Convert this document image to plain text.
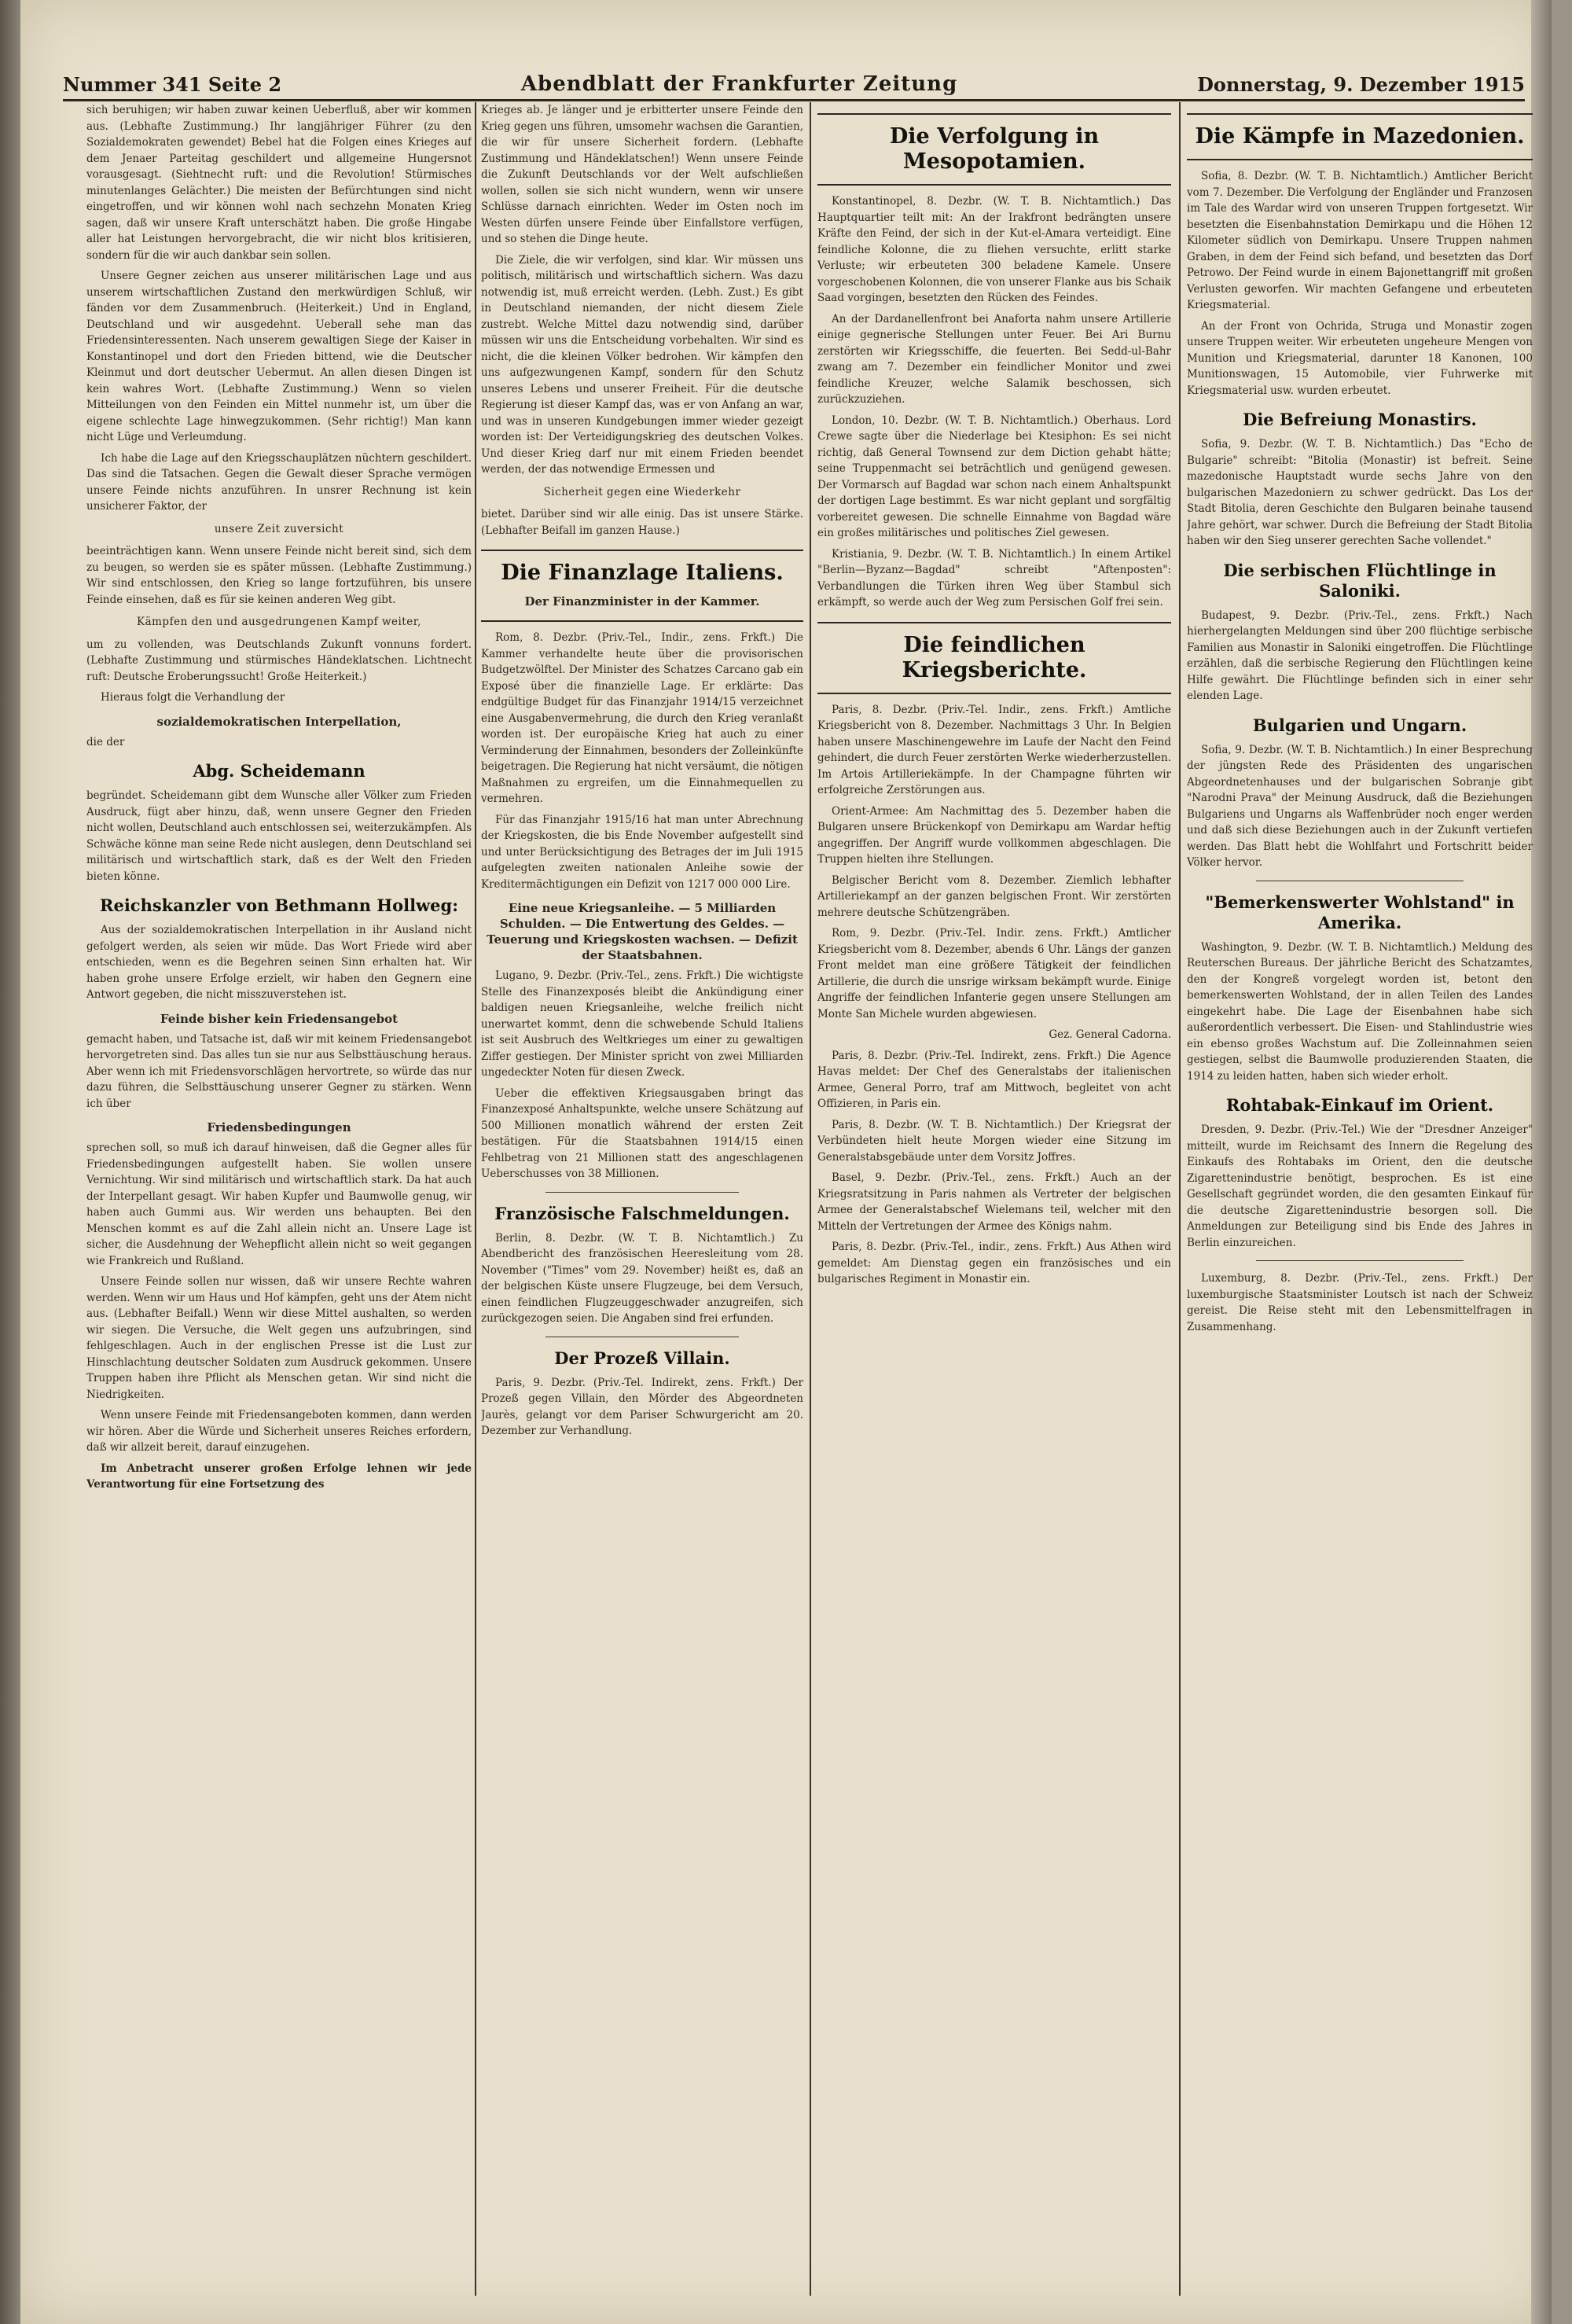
Nummer 341 Seite 2	Abendblatt der Frankfurter Zeitung	Donnerstag, 9. Dezember 1915

sich beruhigen; wir haben zuwar keinen Ueberfluß, aber wir kommen aus. (Lebhafte Zustimmung.) Ihr langjähriger Führer (zu den Sozialdemokraten gewendet) Bebel hat die Folgen eines Krieges auf dem Jenaer Parteitag geschildert und allgemeine Hungersnot vorausgesagt. (Siehtnecht ruft: und die Revolution! Stürmisches minutenlanges Gelächter.) Die meisten der Befürchtungen sind nicht eingetroffen, und wir können wohl nach sechzehn Monaten Krieg sagen, daß wir unsere Kraft unterschätzt haben. Die große Hingabe aller hat Leistungen hervorgebracht, die wir nicht blos kritisieren, sondern für die wir auch dankbar sein sollen.

Unsere Gegner zeichen aus unserer militärischen Lage und aus unserem wirtschaftlichen Zustand den merkwürdigen Schluß, wir fänden vor dem Zusammenbruch. (Heiterkeit.) Und in England, Deutschland und wir ausgedehnt. Ueberall sehe man das Friedensinteressenten. Nach unserem gewaltigen Siege der Kaiser in Konstantinopel und dort den Frieden bittend, wie die Deutscher Kleinmut und dort deutscher Uebermut. An allen diesen Dingen ist kein wahres Wort. (Lebhafte Zustimmung.) Wenn so vielen Mitteilungen von den Feinden ein Mittel nunmehr ist, um über die eigene schlechte Lage hinwegzukommen. (Sehr richtig!) Man kann nicht Lüge und Verleumdung.

Ich habe die Lage auf den Kriegsschauplätzen nüchtern geschildert. Das sind die Tatsachen. Gegen die Gewalt dieser Sprache vermögen unsere Feinde nichts anzuführen. In unsrer Rechnung ist kein unsicherer Faktor, der

unsere Zeit zuversicht

beeinträchtigen kann. Wenn unsere Feinde nicht bereit sind, sich dem zu beugen, so werden sie es später müssen. (Lebhafte Zustimmung.) Wir sind entschlossen, den Krieg so lange fortzuführen, bis unsere Feinde einsehen, daß es für sie keinen anderen Weg gibt.

Kämpfen den und ausgedrungenen Kampf weiter,

um zu vollenden, was Deutschlands Zukunft vonnuns fordert. (Lebhafte Zustimmung und stürmisches Händeklatschen. Lichtnecht ruft: Deutsche Eroberungssucht! Große Heiterkeit.)

Hieraus folgt die Verhandlung der

sozialdemokratischen Interpellation,

die der

Abg. Scheidemann

begründet. Scheidemann gibt dem Wunsche aller Völker zum Frieden Ausdruck, fügt aber hinzu, daß, wenn unsere Gegner den Frieden nicht wollen, Deutschland auch entschlossen sei, weiterzukämpfen. Als Schwäche könne man seine Rede nicht auslegen, denn Deutschland sei militärisch und wirtschaftlich stark, daß es der Welt den Frieden bieten könne.

Reichskanzler von Bethmann Hollweg:

Aus der sozialdemokratischen Interpellation in ihr Ausland nicht gefolgert werden, als seien wir müde. Das Wort Friede wird aber entschieden, wenn es die Begehren seinen Sinn erhalten hat. Wir haben grohe unsere Erfolge erzielt, wir haben den Gegnern eine Antwort gegeben, die nicht misszuverstehen ist.

Feinde bisher kein Friedensangebot

gemacht haben, und Tatsache ist, daß wir mit keinem Friedensangebot hervorgetreten sind. Das alles tun sie nur aus Selbsttäuschung heraus. Aber wenn ich mit Friedensvorschlägen hervortrete, so würde das nur dazu führen, die Selbsttäuschung unserer Gegner zu stärken. Wenn ich über

Friedensbedingungen

sprechen soll, so muß ich darauf hinweisen, daß die Gegner alles für Friedensbedingungen aufgestellt haben. Sie wollen unsere Vernichtung. Wir sind militärisch und wirtschaftlich stark. Da hat auch der Interpellant gesagt. Wir haben Kupfer und Baumwolle genug, wir haben auch Gummi aus. Wir werden uns behaupten. Bei den Menschen kommt es auf die Zahl allein nicht an. Unsere Lage ist sicher, die Ausdehnung der Wehepflicht allein nicht so weit gegangen wie Frankreich und Rußland.

Unsere Feinde sollen nur wissen, daß wir unsere Rechte wahren werden. Wenn wir um Haus und Hof kämpfen, geht uns der Atem nicht aus. (Lebhafter Beifall.) Wenn wir diese Mittel aushalten, so werden wir siegen. Die Versuche, die Welt gegen uns aufzubringen, sind fehlgeschlagen. Auch in der englischen Presse ist die Lust zur Hinschlachtung deutscher Soldaten zum Ausdruck gekommen. Unsere Truppen haben ihre Pflicht als Menschen getan. Wir sind nicht die Niedrigkeiten.

Wenn unsere Feinde mit Friedensangeboten kommen, dann werden wir hören. Aber die Würde und Sicherheit unseres Reiches erfordern, daß wir allzeit bereit, darauf einzugehen.

Im Anbetracht unserer großen Erfolge lehnen wir jede Verantwortung für eine Fortsetzung des

Krieges ab. Je länger und je erbitterter unsere Feinde den Krieg gegen uns führen, umsomehr wachsen die Garantien, die wir für unsere Sicherheit fordern. (Lebhafte Zustimmung und Händeklatschen!) Wenn unsere Feinde die Zukunft Deutschlands vor der Welt aufschließen wollen, sollen sie sich nicht wundern, wenn wir unsere Schlüsse darnach einrichten. Weder im Osten noch im Westen dürfen unsere Feinde über Einfallstore verfügen, und so stehen die Dinge heute.

Die Ziele, die wir verfolgen, sind klar. Wir müssen uns politisch, militärisch und wirtschaftlich sichern. Was dazu notwendig ist, muß erreicht werden. (Lebh. Zust.) Es gibt in Deutschland niemanden, der nicht diesem Ziele zustrebt. Welche Mittel dazu notwendig sind, darüber müssen wir uns die Entscheidung vorbehalten. Wir sind es nicht, die die kleinen Völker bedrohen. Wir kämpfen den uns aufgezwungenen Kampf, sondern für den Schutz unseres Lebens und unserer Freiheit. Für die deutsche Regierung ist dieser Kampf das, was er von Anfang an war, und was in unseren Kundgebungen immer wieder gezeigt worden ist: Der Verteidigungskrieg des deutschen Volkes. Und dieser Krieg darf nur mit einem Frieden beendet werden, der das notwendige Ermessen und

Sicherheit gegen eine Wiederkehr

bietet. Darüber sind wir alle einig. Das ist unsere Stärke. (Lebhafter Beifall im ganzen Hause.)

Die Finanzlage Italiens.
Der Finanzminister in der Kammer.

Rom, 8. Dezbr. (Priv.-Tel., Indir., zens. Frkft.) Die Kammer verhandelte heute über die provisorischen Budgetzwölftel. Der Minister des Schatzes Carcano gab ein Exposé über die finanzielle Lage. Er erklärte: Das endgültige Budget für das Finanzjahr 1914/15 verzeichnet eine Ausgabenvermehrung, die durch den Krieg veranlaßt worden ist. Der europäische Krieg hat auch zu einer Verminderung der Einnahmen, besonders der Zolleinkünfte beigetragen. Die Regierung hat nicht versäumt, die nötigen Maßnahmen zu ergreifen, um die Einnahmequellen zu vermehren.

Für das Finanzjahr 1915/16 hat man unter Abrechnung der Kriegskosten, die bis Ende November aufgestellt sind und unter Berücksichtigung des Betrages der im Juli 1915 aufgelegten zweiten nationalen Anleihe sowie der Kreditermächtigungen ein Defizit von 1217 000 000 Lire.

Eine neue Kriegsanleihe. — 5 Milliarden Schulden. — Die Entwertung des Geldes. — Teuerung und Kriegskosten wachsen. — Defizit der Staatsbahnen.

Lugano, 9. Dezbr. (Priv.-Tel., zens. Frkft.) Die wichtigste Stelle des Finanzexposés bleibt die Ankündigung einer baldigen neuen Kriegsanleihe, welche freilich nicht unerwartet kommt, denn die schwebende Schuld Italiens ist seit Ausbruch des Weltkrieges um einer zu gewaltigen Ziffer gestiegen. Der Minister spricht von zwei Milliarden ungedeckter Noten für diesen Zweck.

Ueber die effektiven Kriegsausgaben bringt das Finanzexposé Anhaltspunkte, welche unsere Schätzung auf 500 Millionen monatlich während der ersten Zeit bestätigen. Für die Staatsbahnen 1914/15 einen Fehlbetrag von 21 Millionen statt des angeschlagenen Ueberschusses von 38 Millionen.

Französische Falschmeldungen.

Berlin, 8. Dezbr. (W. T. B. Nichtamtlich.) Zu Abendbericht des französischen Heeresleitung vom 28. November ("Times" vom 29. November) heißt es, daß an der belgischen Küste unsere Flugzeuge, bei dem Versuch, einen feindlichen Flugzeuggeschwader anzugreifen, sich zurückgezogen seien. Die Angaben sind frei erfunden.

Der Prozeß Villain.

Paris, 9. Dezbr. (Priv.-Tel. Indirekt, zens. Frkft.) Der Prozeß gegen Villain, den Mörder des Abgeordneten Jaurès, gelangt vor dem Pariser Schwurgericht am 20. Dezember zur Verhandlung.

Die Verfolgung in Mesopotamien.

Konstantinopel, 8. Dezbr. (W. T. B. Nichtamtlich.) Das Hauptquartier teilt mit: An der Irakfront bedrängten unsere Kräfte den Feind, der sich in der Kut-el-Amara verteidigt. Eine feindliche Kolonne, die zu fliehen versuchte, erlitt starke Verluste; wir erbeuteten 300 beladene Kamele. Unsere vorgeschobenen Kolonnen, die von unserer Flanke aus bis Schaik Saad vorgingen, besetzten den Rücken des Feindes.

An der Dardanellenfront bei Anaforta nahm unsere Artillerie einige gegnerische Stellungen unter Feuer. Bei Ari Burnu zerstörten wir Kriegsschiffe, die feuerten. Bei Sedd-ul-Bahr zwang am 7. Dezember ein feindlicher Monitor und zwei feindliche Kreuzer, welche Salamik beschossen, sich zurückzuziehen.

London, 10. Dezbr. (W. T. B. Nichtamtlich.) Oberhaus. Lord Crewe sagte über die Niederlage bei Ktesiphon: Es sei nicht richtig, daß General Townsend zur dem Diction gehabt hätte; seine Truppenmacht sei beträchtlich und genügend gewesen. Der Vormarsch auf Bagdad war schon nach einem Anhaltspunkt der dortigen Lage bestimmt. Es war nicht geplant und sorgfältig vorbereitet gewesen. Die schnelle Einnahme von Bagdad wäre ein großes militärisches und politisches Ziel gewesen.

Kristiania, 9. Dezbr. (W. T. B. Nichtamtlich.) In einem Artikel "Berlin—Byzanz—Bagdad" schreibt "Aftenposten": Verbandlungen die Türken ihren Weg über Stambul sich erkämpft, so werde auch der Weg zum Persischen Golf frei sein.

Die feindlichen Kriegsberichte.

Paris, 8. Dezbr. (Priv.-Tel. Indir., zens. Frkft.) Amtliche Kriegsbericht von 8. Dezember. Nachmittags 3 Uhr. In Belgien haben unsere Maschinengewehre im Laufe der Nacht den Feind gehindert, die durch Feuer zerstörten Werke wiederherzustellen. Im Artois Artilleriekämpfe. In der Champagne führten wir erfolgreiche Zerstörungen aus.

Orient-Armee: Am Nachmittag des 5. Dezember haben die Bulgaren unsere Brückenkopf von Demirkapu am Wardar heftig angegriffen. Der Angriff wurde vollkommen abgeschlagen. Die Truppen hielten ihre Stellungen.

Belgischer Bericht vom 8. Dezember. Ziemlich lebhafter Artilleriekampf an der ganzen belgischen Front. Wir zerstörten mehrere deutsche Schützengräben.

Rom, 9. Dezbr. (Priv.-Tel. Indir. zens. Frkft.) Amtlicher Kriegsbericht vom 8. Dezember, abends 6 Uhr. Längs der ganzen Front meldet man eine größere Tätigkeit der feindlichen Artillerie, die durch die unsrige wirksam bekämpft wurde. Einige Angriffe der feindlichen Infanterie gegen unsere Stellungen am Monte San Michele wurden abgewiesen.

Gez. General Cadorna.

Paris, 8. Dezbr. (Priv.-Tel. Indirekt, zens. Frkft.) Die Agence Havas meldet: Der Chef des Generalstabs der italienischen Armee, General Porro, traf am Mittwoch, begleitet von acht Offizieren, in Paris ein.

Paris, 8. Dezbr. (W. T. B. Nichtamtlich.) Der Kriegsrat der Verbündeten hielt heute Morgen wieder eine Sitzung im Generalstabsgebäude unter dem Vorsitz Joffres.

Basel, 9. Dezbr. (Priv.-Tel., zens. Frkft.) Auch an der Kriegsratsitzung in Paris nahmen als Vertreter der belgischen Armee der Generalstabschef Wielemans teil, welcher mit den Mitteln der Vertretungen der Armee des Königs nahm.

Paris, 8. Dezbr. (Priv.-Tel., indir., zens. Frkft.) Aus Athen wird gemeldet: Am Dienstag gegen ein französisches und ein bulgarisches Regiment in Monastir ein.

Die Kämpfe in Mazedonien.

Sofia, 8. Dezbr. (W. T. B. Nichtamtlich.) Amtlicher Bericht vom 7. Dezember. Die Verfolgung der Engländer und Franzosen im Tale des Wardar wird von unseren Truppen fortgesetzt. Wir besetzten die Eisenbahnstation Demirkapu und die Höhen 12 Kilometer südlich von Demirkapu. Unsere Truppen nahmen Graben, in dem der Feind sich befand, und besetzten das Dorf Petrowo. Der Feind wurde in einem Bajonettangriff mit großen Verlusten geworfen. Wir machten Gefangene und erbeuteten Kriegsmaterial.

An der Front von Ochrida, Struga und Monastir zogen unsere Truppen weiter. Wir erbeuteten ungeheure Mengen von Munition und Kriegsmaterial, darunter 18 Kanonen, 100 Munitionswagen, 15 Automobile, vier Fuhrwerke mit Kriegsmaterial usw. wurden erbeutet.

Die Befreiung Monastirs.

Sofia, 9. Dezbr. (W. T. B. Nichtamtlich.) Das "Echo de Bulgarie" schreibt: "Bitolia (Monastir) ist befreit. Seine mazedonische Hauptstadt wurde sechs Jahre von den bulgarischen Mazedoniern zu schwer gedrückt. Das Los der Stadt Bitolia, deren Geschichte den Bulgaren beinahe tausend Jahre gehört, war schwer. Durch die Befreiung der Stadt Bitolia haben wir den Sieg unserer gerechten Sache vollendet."

Die serbischen Flüchtlinge in Saloniki.

Budapest, 9. Dezbr. (Priv.-Tel., zens. Frkft.) Nach hierhergelangten Meldungen sind über 200 flüchtige serbische Familien aus Monastir in Saloniki eingetroffen. Die Flüchtlinge erzählen, daß die serbische Regierung den Flüchtlingen keine Hilfe gewährt. Die Flüchtlinge befinden sich in einer sehr elenden Lage.

Bulgarien und Ungarn.

Sofia, 9. Dezbr. (W. T. B. Nichtamtlich.) In einer Besprechung der jüngsten Rede des Präsidenten des ungarischen Abgeordnetenhauses und der bulgarischen Sobranje gibt "Narodni Prava" der Meinung Ausdruck, daß die Beziehungen Bulgariens und Ungarns als Waffenbrüder noch enger werden und daß sich diese Beziehungen auch in der Zukunft vertiefen werden. Das Blatt hebt die Wohlfahrt und Fortschritt beider Völker hervor.

"Bemerkenswerter Wohlstand" in Amerika.

Washington, 9. Dezbr. (W. T. B. Nichtamtlich.) Meldung des Reuterschen Bureaus. Der jährliche Bericht des Schatzamtes, den der Kongreß vorgelegt worden ist, betont den bemerkenswerten Wohlstand, der in allen Teilen des Landes eingekehrt habe. Die Lage der Eisenbahnen habe sich außerordentlich verbessert. Die Eisen- und Stahlindustrie wies ein ebenso großes Wachstum auf. Die Zolleinnahmen seien gestiegen, selbst die Baumwolle produzierenden Staaten, die 1914 zu leiden hatten, haben sich wieder erholt.

Rohtabak-Einkauf im Orient.

Dresden, 9. Dezbr. (Priv.-Tel.) Wie der "Dresdner Anzeiger" mitteilt, wurde im Reichsamt des Innern die Regelung des Einkaufs des Rohtabaks im Orient, den die deutsche Zigarettenindustrie benötigt, besprochen. Es ist eine Gesellschaft gegründet worden, die den gesamten Einkauf für die deutsche Zigarettenindustrie besorgen soll. Die Anmeldungen zur Beteiligung sind bis Ende des Jahres in Berlin einzureichen.

Luxemburg, 8. Dezbr. (Priv.-Tel., zens. Frkft.) Der luxemburgische Staatsminister Loutsch ist nach der Schweiz gereist. Die Reise steht mit den Lebensmittelfragen in Zusammenhang.
